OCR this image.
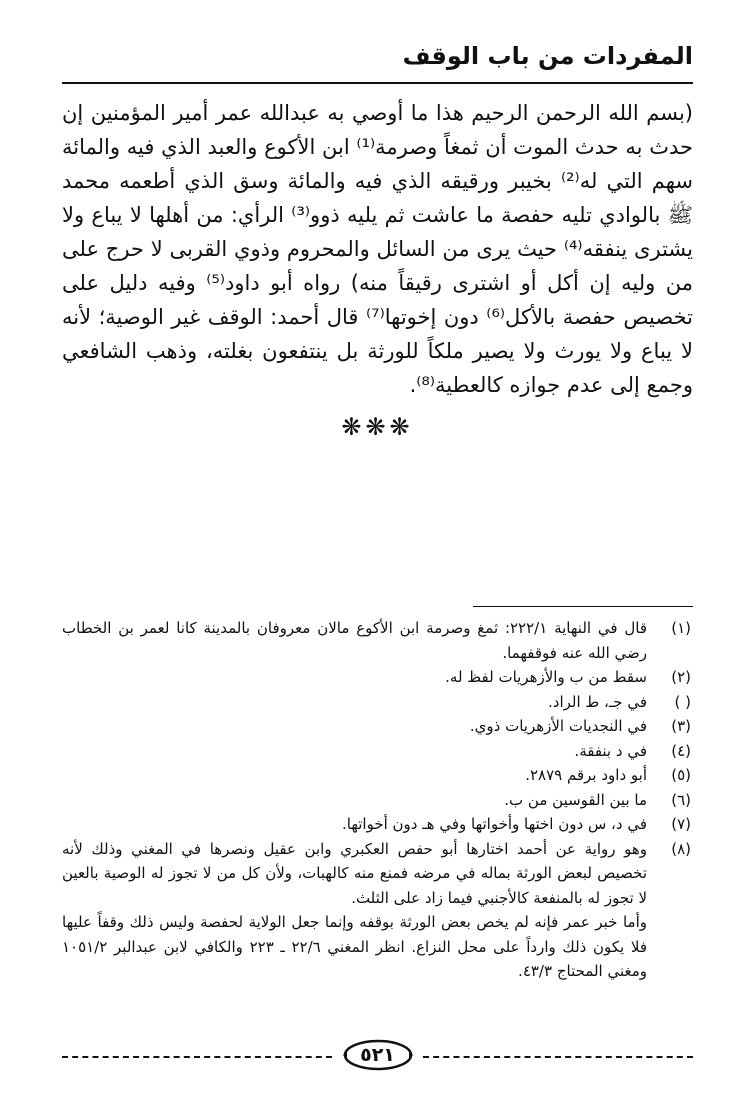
المفردات من باب الوقف

(بسم الله الرحمن الرحيم هذا ما أوصي به عبدالله عمر أمير المؤمنين إن حدث به حدث الموت أن ثمغاً وصرمة⁽¹⁾ ابن الأكوع والعبد الذي فيه والمائة سهم التي له⁽²⁾ بخيبر ورقيقه الذي فيه والمائة وسق الذي أطعمه محمد ﷺ بالوادي تليه حفصة ما عاشت ثم يليه ذوو⁽³⁾ الرأي: من أهلها لا يباع ولا يشترى ينفقه⁽⁴⁾ حيث يرى من السائل والمحروم وذوي القربى لا حرج على من وليه إن أكل أو اشترى رقيقاً منه) رواه أبو داود⁽⁵⁾ وفيه دليل على تخصيص حفصة بالأكل⁽⁶⁾ دون إخوتها⁽⁷⁾ قال أحمد: الوقف غير الوصية؛ لأنه لا يباع ولا يورث ولا يصير ملكاً للورثة بل ينتفعون بغلته، وذهب الشافعي وجمع إلى عدم جوازه كالعطية⁽⁸⁾.

❋❋❋
(١)
قال في النهاية ٢٢٢/١: ثمغ وصرمة ابن الأكوع مالان معروفان بالمدينة كانا لعمر بن الخطاب رضي الله عنه فوقفهما.
(٢)
سقط من ب والأزهريات لفظ له.
( )
في جـ، ط الراد.
(٣)
في النجديات الأزهريات ذوي.
(٤)
في د بنفقة.
(٥)
أبو داود برقم ٢٨٧٩.
(٦)
ما بين القوسين من ب.
(٧)
في د، س دون اختها وأخواتها وفي هـ دون أخواتها.
(٨)
وهو رواية عن أحمد اختارها أبو حفص العكبري وابن عقيل ونصرها في المغني وذلك لأنه تخصيص لبعض الورثة بماله في مرضه فمنع منه كالهبات، ولأن كل من لا تجوز له الوصية بالعين لا تجوز له بالمنفعة كالأجنبي فيما زاد على الثلث.
وأما خبر عمر فإنه لم يخص بعض الورثة بوقفه وإنما جعل الولاية لحفصة وليس ذلك وقفاً عليها فلا يكون ذلك وارداً على محل النزاع. انظر المغني ٢٢/٦ ـ ٢٢٣ والكافي لابن عبدالبر ١٠٥١/٢ ومغني المحتاج ٤٣/٣.
٥٢١
